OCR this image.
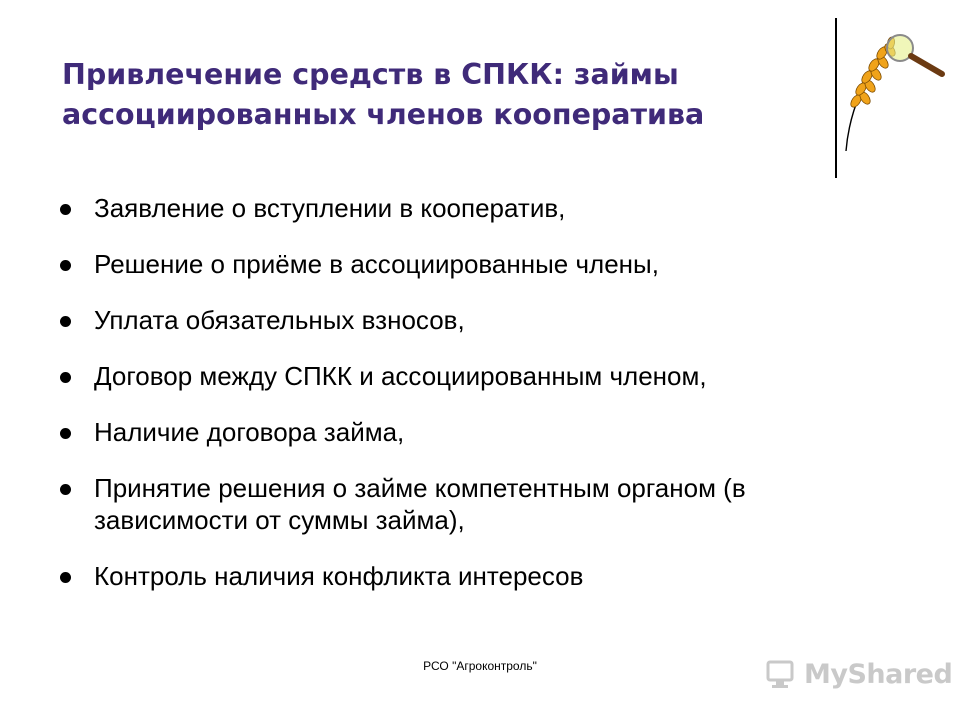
Привлечение средств в СПКК: займы ассоциированных членов кооператива
Заявление о вступлении в кооператив,
Решение о приёме в ассоциированные члены,
Уплата обязательных взносов,
Договор между СПКК и ассоциированным членом,
Наличие договора займа,
Принятие решения о займе компетентным органом (в зависимости от суммы займа),
Контроль наличия конфликта интересов
РСО "Агроконтроль"	MyShared
